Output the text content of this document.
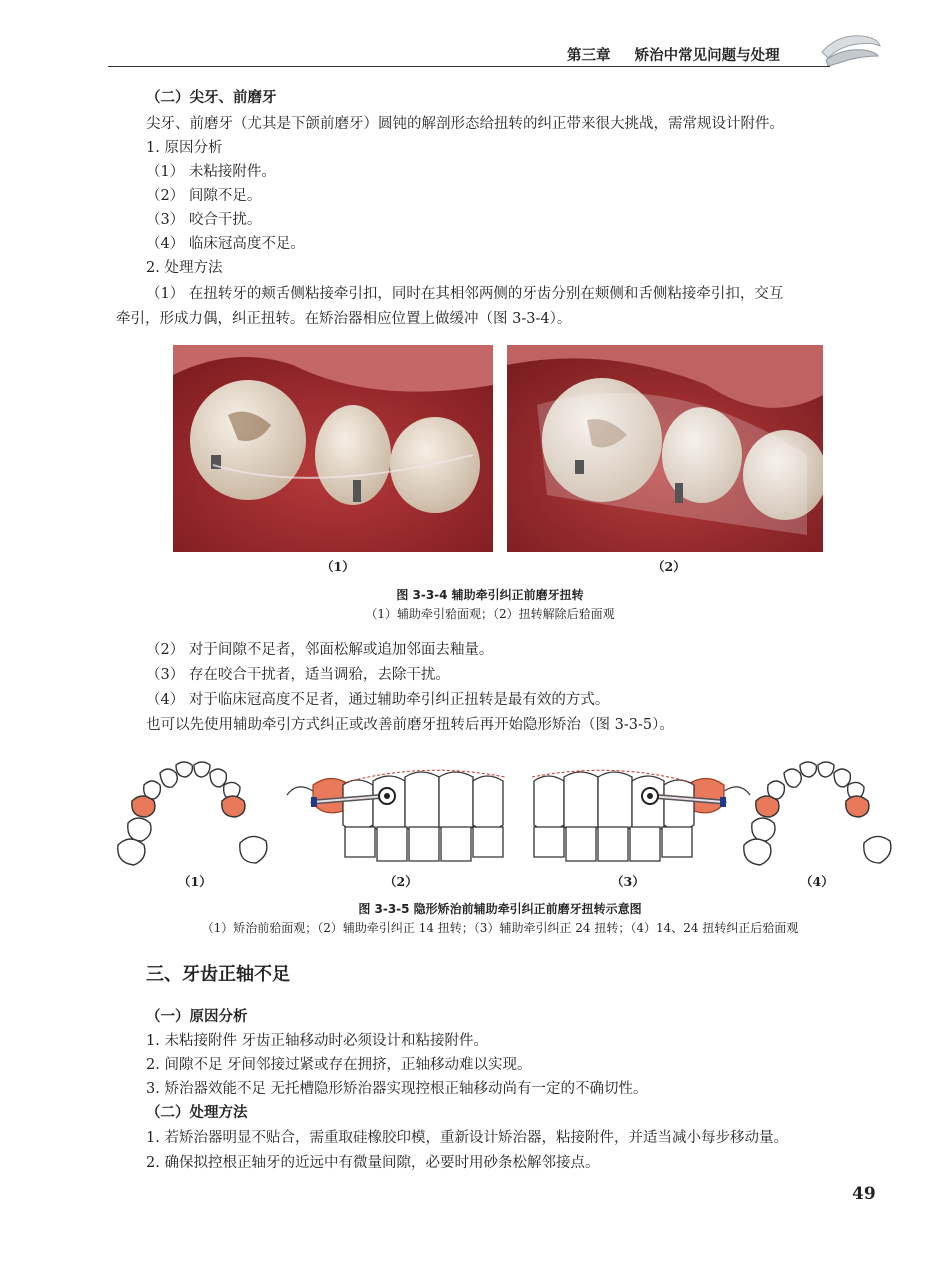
第三章 矫治中常见问题与处理
（二）尖牙、前磨牙
尖牙、前磨牙（尤其是下颌前磨牙）圆钝的解剖形态给扭转的纠正带来很大挑战，需常规设计附件。
1. 原因分析
（1） 未粘接附件。
（2） 间隙不足。
（3） 咬合干扰。
（4） 临床冠高度不足。
2. 处理方法
（1） 在扭转牙的颊舌侧粘接牵引扣，同时在其相邻两侧的牙齿分别在颊侧和舌侧粘接牵引扣，交互
牵引，形成力偶，纠正扭转。在矫治器相应位置上做缓冲（图 3-3-4）。
（1）	（2）
图 3-3-4 辅助牵引纠正前磨牙扭转
（1）辅助牵引𬌗面观；（2）扭转解除后𬌗面观
（2） 对于间隙不足者，邻面松解或追加邻面去釉量。
（3） 存在咬合干扰者，适当调𬌗，去除干扰。
（4） 对于临床冠高度不足者，通过辅助牵引纠正扭转是最有效的方式。
也可以先使用辅助牵引方式纠正或改善前磨牙扭转后再开始隐形矫治（图 3-3-5）。
（1）	（2）	（3）	（4）
图 3-3-5 隐形矫治前辅助牵引纠正前磨牙扭转示意图
（1）矫治前𬌗面观；（2）辅助牵引纠正 14 扭转；（3）辅助牵引纠正 24 扭转；（4）14、24 扭转纠正后𬌗面观
三、牙齿正轴不足
（一）原因分析
1. 未粘接附件 牙齿正轴移动时必须设计和粘接附件。
2. 间隙不足 牙间邻接过紧或存在拥挤，正轴移动难以实现。
3. 矫治器效能不足 无托槽隐形矫治器实现控根正轴移动尚有一定的不确切性。
（二）处理方法
1. 若矫治器明显不贴合，需重取硅橡胶印模，重新设计矫治器，粘接附件，并适当减小每步移动量。
2. 确保拟控根正轴牙的近远中有微量间隙，必要时用砂条松解邻接点。
49
